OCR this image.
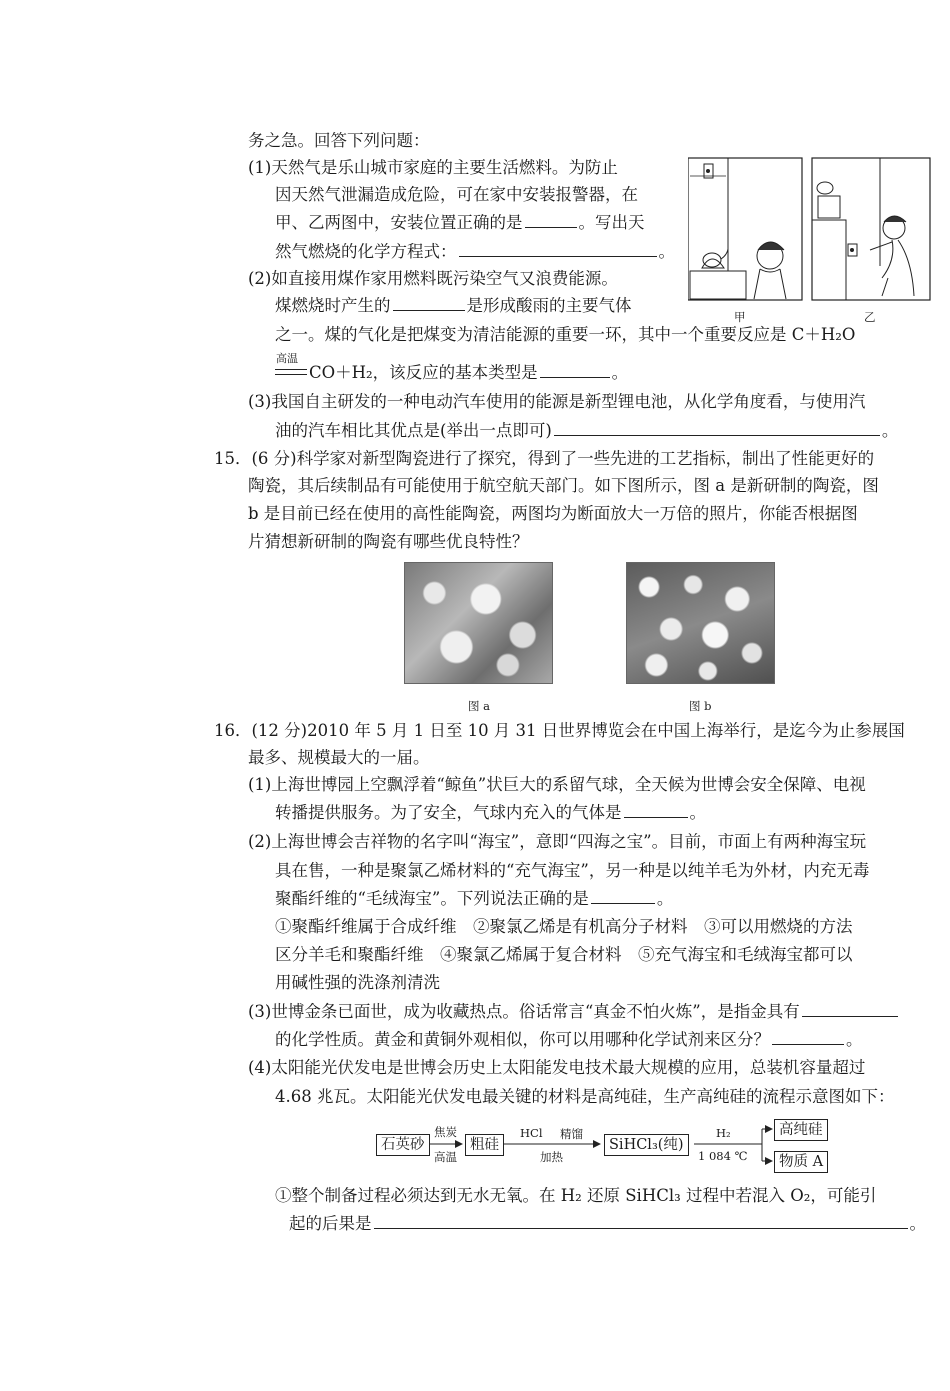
务之急。回答下列问题：
(1)天然气是乐山城市家庭的主要生活燃料。为防止
因天然气泄漏造成危险，可在家中安装报警器，在
甲、乙两图中，安装位置正确的是	。写出天
然气燃烧的化学方程式：	。
(2)如直接用煤作家用燃料既污染空气又浪费能源。
煤燃烧时产生的	是形成酸雨的主要气体
之一。煤的气化是把煤变为清洁能源的重要一环，其中一个重要反应是 C＋H₂O
高温
CO＋H₂，该反应的基本类型是	。
(3)我国自主研发的一种电动汽车使用的能源是新型锂电池，从化学角度看，与使用汽
油的汽车相比其优点是(举出一点即可)	。
甲	乙
15．(6 分)科学家对新型陶瓷进行了探究，得到了一些先进的工艺指标，制出了性能更好的
陶瓷，其后续制品有可能使用于航空航天部门。如下图所示，图 a 是新研制的陶瓷，图
b 是目前已经在使用的高性能陶瓷，两图均为断面放大一万倍的照片，你能否根据图
片猜想新研制的陶瓷有哪些优良特性？
图 a	图 b
16．(12 分)2010 年 5 月 1 日至 10 月 31 日世界博览会在中国上海举行，是迄今为止参展国
最多、规模最大的一届。
(1)上海世博园上空飘浮着“鲸鱼”状巨大的系留气球，全天候为世博会安全保障、电视
转播提供服务。为了安全，气球内充入的气体是	。
(2)上海世博会吉祥物的名字叫“海宝”，意即“四海之宝”。目前，市面上有两种海宝玩
具在售，一种是聚氯乙烯材料的“充气海宝”，另一种是以纯羊毛为外材，内充无毒
聚酯纤维的“毛绒海宝”。下列说法正确的是	。
①聚酯纤维属于合成纤维　②聚氯乙烯是有机高分子材料　③可以用燃烧的方法
区分羊毛和聚酯纤维　④聚氯乙烯属于复合材料　⑤充气海宝和毛绒海宝都可以
用碱性强的洗涤剂清洗
(3)世博金条已面世，成为收藏热点。俗话常言“真金不怕火炼”，是指金具有
的化学性质。黄金和黄铜外观相似，你可以用哪种化学试剂来区分？	。
(4)太阳能光伏发电是世博会历史上太阳能发电技术最大规模的应用，总装机容量超过
4.68 兆瓦。太阳能光伏发电最关键的材料是高纯硅，生产高纯硅的流程示意图如下：
石英砂
焦炭
高温
粗硅
HCl 精馏
加热
SiHCl₃(纯)
H₂
1 084 ℃
高纯硅
物质 A
①整个制备过程必须达到无水无氧。在 H₂ 还原 SiHCl₃ 过程中若混入 O₂，可能引
起的后果是	。
